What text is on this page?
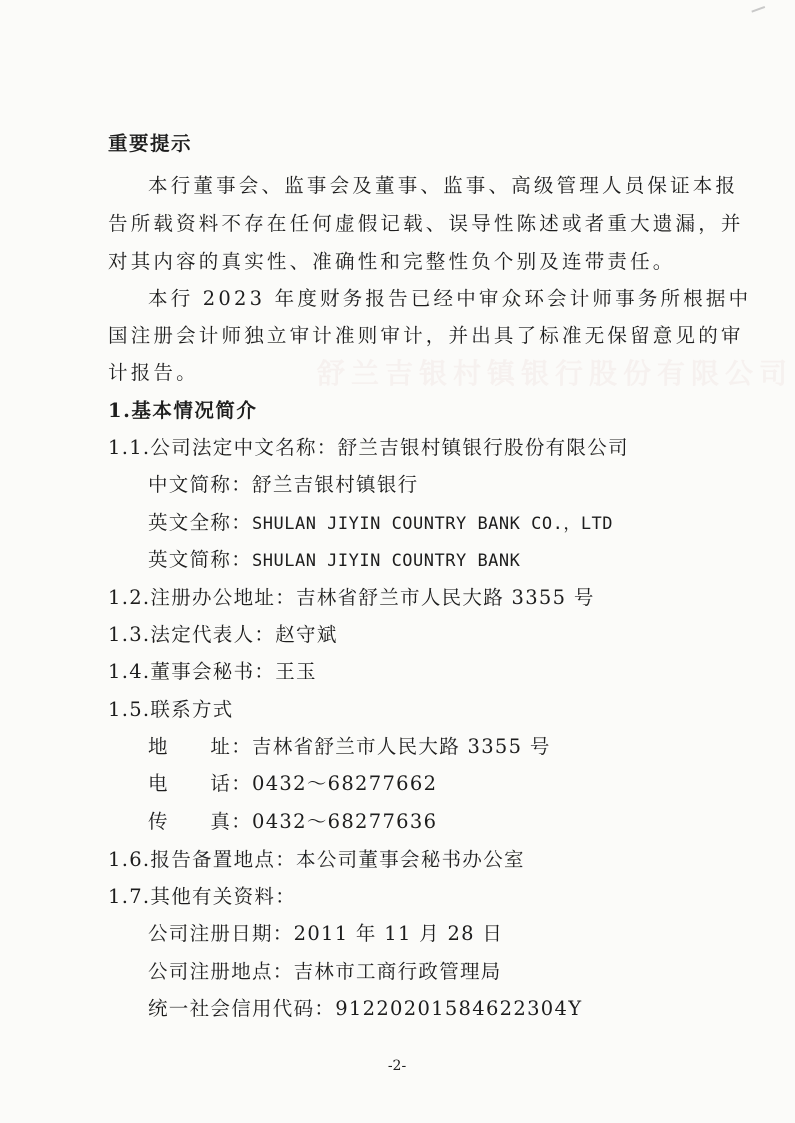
舒兰吉银村镇银行股份有限公司
重要提示
本行董事会、监事会及董事、监事、高级管理人员保证本报
告所载资料不存在任何虚假记载、误导性陈述或者重大遗漏，并
对其内容的真实性、准确性和完整性负个别及连带责任。
本行 2023 年度财务报告已经中审众环会计师事务所根据中
国注册会计师独立审计准则审计，并出具了标准无保留意见的审
计报告。
1.基本情况简介
1.1.公司法定中文名称：舒兰吉银村镇银行股份有限公司
中文简称：舒兰吉银村镇银行
英文全称：SHULAN JIYIN COUNTRY BANK CO.，LTD
英文简称：SHULAN JIYIN COUNTRY BANK
1.2.注册办公地址：吉林省舒兰市人民大路 3355 号
1.3.法定代表人：赵守斌
1.4.董事会秘书：王玉
1.5.联系方式
地　　址：吉林省舒兰市人民大路 3355 号
电　　话：0432～68277662
传　　真：0432～68277636
1.6.报告备置地点：本公司董事会秘书办公室
1.7.其他有关资料：
公司注册日期：2011 年 11 月 28 日
公司注册地点：吉林市工商行政管理局
统一社会信用代码：91220201584622304Y
-2-
